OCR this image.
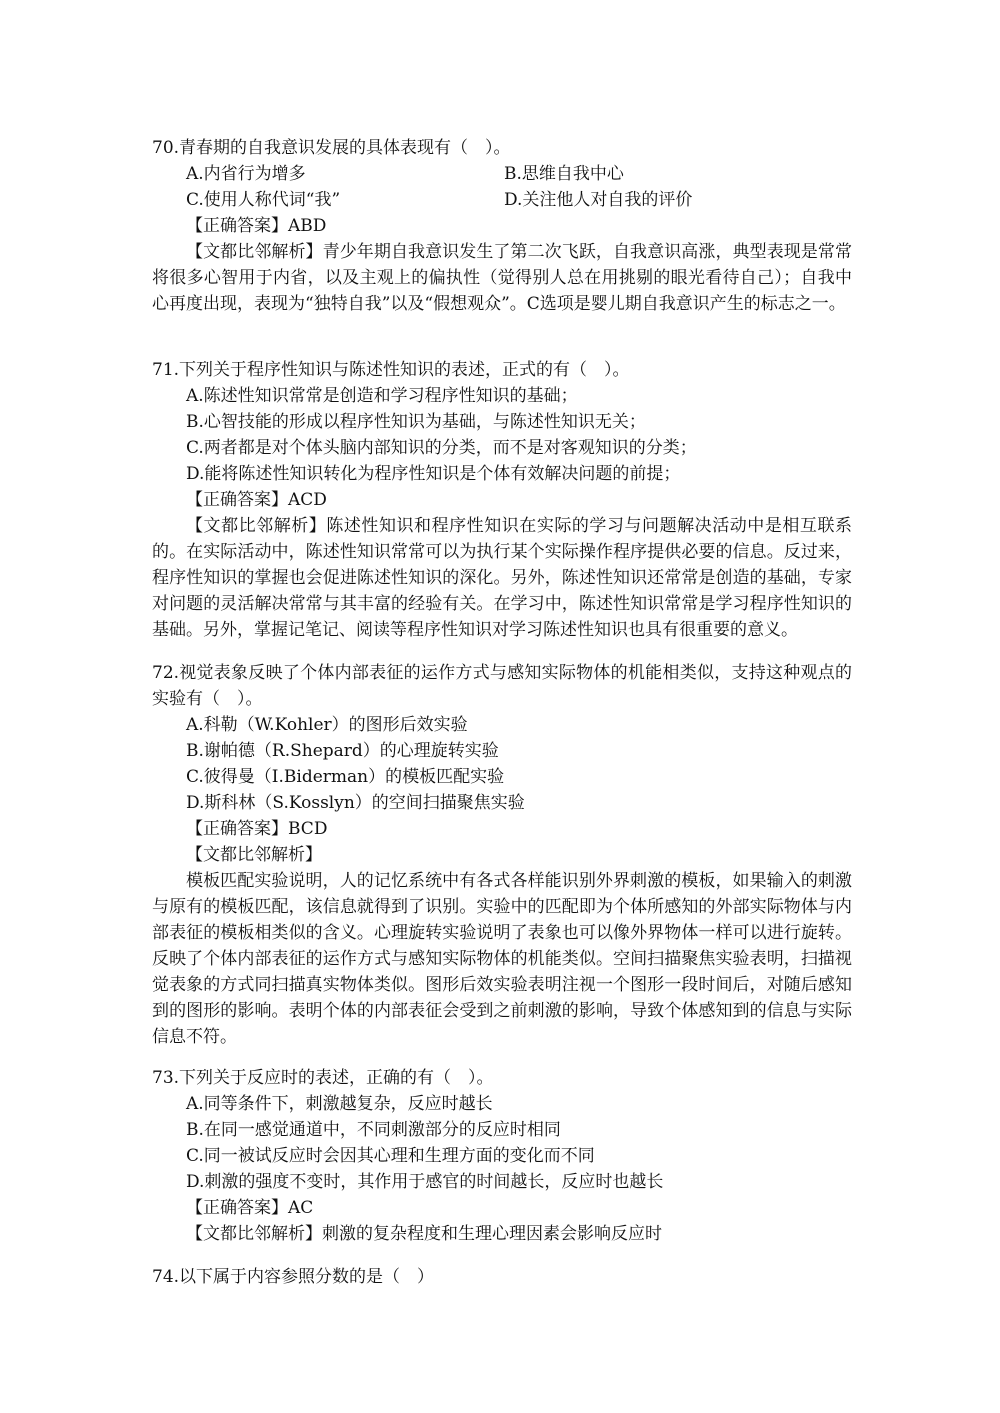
70.青春期的自我意识发展的具体表现有（　）。
A.内省行为增多	B.思维自我中心
C.使用人称代词“我”	D.关注他人对自我的评价
【正确答案】ABD
【文都比邻解析】青少年期自我意识发生了第二次飞跃，自我意识高涨，典型表现是常常将很多心智用于内省，以及主观上的偏执性（觉得别人总在用挑剔的眼光看待自己）；自我中心再度出现，表现为“独特自我”以及“假想观众”。C选项是婴儿期自我意识产生的标志之一。
71.下列关于程序性知识与陈述性知识的表述，正式的有（　）。
A.陈述性知识常常是创造和学习程序性知识的基础；
B.心智技能的形成以程序性知识为基础，与陈述性知识无关；
C.两者都是对个体头脑内部知识的分类，而不是对客观知识的分类；
D.能将陈述性知识转化为程序性知识是个体有效解决问题的前提；
【正确答案】ACD
【文都比邻解析】陈述性知识和程序性知识在实际的学习与问题解决活动中是相互联系的。在实际活动中，陈述性知识常常可以为执行某个实际操作程序提供必要的信息。反过来，程序性知识的掌握也会促进陈述性知识的深化。另外，陈述性知识还常常是创造的基础，专家对问题的灵活解决常常与其丰富的经验有关。在学习中，陈述性知识常常是学习程序性知识的基础。另外，掌握记笔记、阅读等程序性知识对学习陈述性知识也具有很重要的意义。
72.视觉表象反映了个体内部表征的运作方式与感知实际物体的机能相类似，支持这种观点的实验有（　）。
A.科勒（W.Kohler）的图形后效实验
B.谢帕德（R.Shepard）的心理旋转实验
C.彼得曼（I.Biderman）的模板匹配实验
D.斯科林（S.Kosslyn）的空间扫描聚焦实验
【正确答案】BCD
【文都比邻解析】
模板匹配实验说明，人的记忆系统中有各式各样能识别外界刺激的模板，如果输入的刺激与原有的模板匹配，该信息就得到了识别。实验中的匹配即为个体所感知的外部实际物体与内部表征的模板相类似的含义。心理旋转实验说明了表象也可以像外界物体一样可以进行旋转。反映了个体内部表征的运作方式与感知实际物体的机能类似。空间扫描聚焦实验表明，扫描视觉表象的方式同扫描真实物体类似。图形后效实验表明注视一个图形一段时间后，对随后感知到的图形的影响。表明个体的内部表征会受到之前刺激的影响，导致个体感知到的信息与实际信息不符。
73.下列关于反应时的表述，正确的有（　）。
A.同等条件下，刺激越复杂，反应时越长
B.在同一感觉通道中，不同刺激部分的反应时相同
C.同一被试反应时会因其心理和生理方面的变化而不同
D.刺激的强度不变时，其作用于感官的时间越长，反应时也越长
【正确答案】AC
【文都比邻解析】刺激的复杂程度和生理心理因素会影响反应时
74.以下属于内容参照分数的是（　）
